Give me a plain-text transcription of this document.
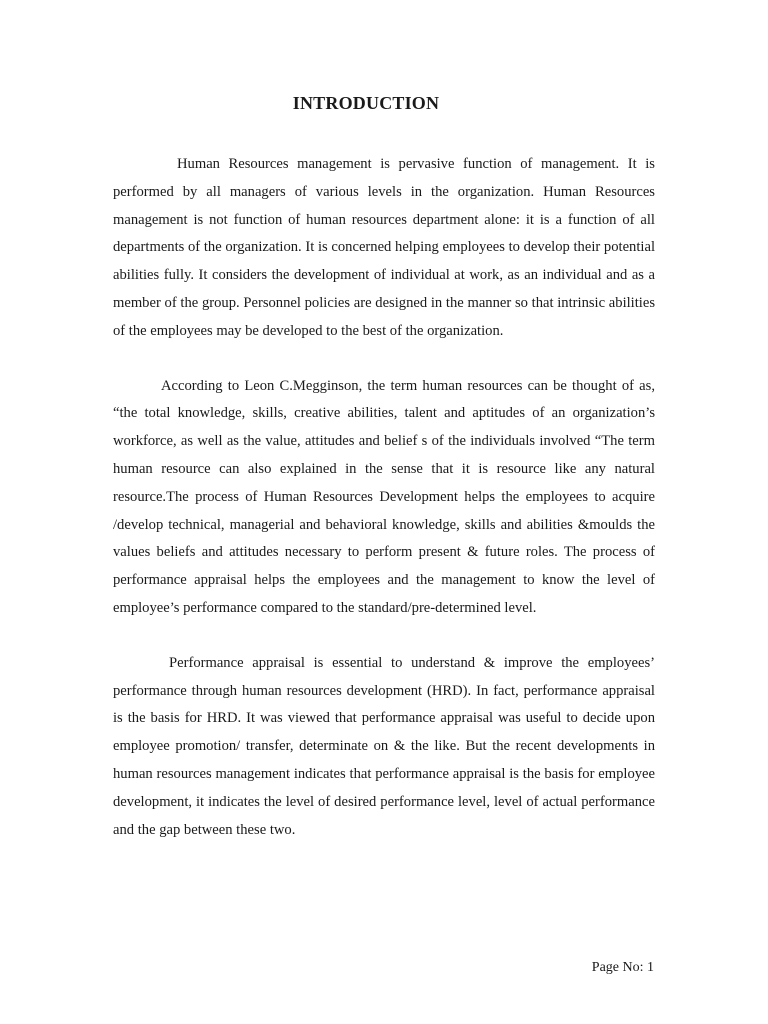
INTRODUCTION

Human Resources management is pervasive function of management. It is performed by all managers of various levels in the organization. Human Resources management is not function of human resources department alone: it is a function of all departments of the organization. It is concerned helping employees to develop their potential abilities fully. It considers the development of individual at work, as an individual and as a member of the group. Personnel policies are designed in the manner so that intrinsic abilities of the employees may be developed to the best of the organization.

According to Leon C.Megginson, the term human resources can be thought of as, “the total knowledge, skills, creative abilities, talent and aptitudes of an organization’s workforce, as well as the value, attitudes and belief s of the individuals involved “The term human resource can also explained in the sense that it is resource like any natural resource.The process of Human Resources Development helps the employees to acquire /develop technical, managerial and behavioral knowledge, skills and abilities &moulds the values beliefs and attitudes necessary to perform present & future roles. The process of performance appraisal helps the employees and the management to know the level of employee’s performance compared to the standard/pre-determined level.

Performance appraisal is essential to understand & improve the employees’ performance through human resources development (HRD). In fact, performance appraisal is the basis for HRD. It was viewed that performance appraisal was useful to decide upon employee promotion/ transfer, determinate on & the like. But the recent developments in human resources management indicates that performance appraisal is the basis for employee development, it indicates the level of desired performance level, level of actual performance and the gap between these two.

Page No: 1
